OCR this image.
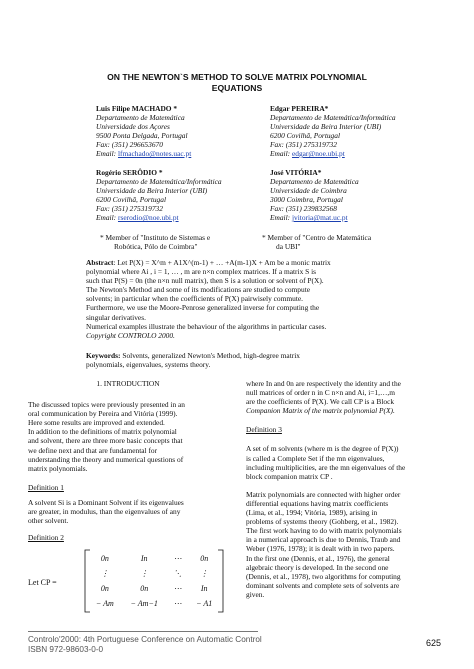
ON THE NEWTON`S METHOD TO SOLVE MATRIX POLYNOMIAL
EQUATIONS
Luis Filipe MACHADO *
Departamento de Matemática
Universidade dos Açores
9500 Ponta Delgada, Portugal
Fax: (351) 296653670
Email: lfmachado@notes.uac.pt
Edgar PEREIRA*
Departamento de Matemática/Informática
Universidade da Beira Interior (UBI)
6200 Covilhã, Portugal
Fax: (351) 275319732
Email: edgar@noe.ubi.pt
Rogério SERÔDIO *
Departamento de Matemática/Informática
Universidade da Beira Interior (UBI)
6200 Covilhã, Portugal
Fax: (351) 275319732
Email: rserodio@noe.ubi.pt
José VITÓRIA*
Departamento de Matemática
Universidade de Coimbra
3000 Coimbra, Portugal
Fax: (351) 239832568
Email: jvitoria@mat.uc.pt
* Member of "Instituto de Sistemas e
Robótica, Pólo de Coimbra"
* Member of "Centro de Matemática
da UBI"
Abstract: Let P(X) = X^m + A1X^(m-1) + … +A(m-1)X + Am be a monic matrix
polynomial where Ai , i = 1, … , m are n×n complex matrices. If a matrix S is
such that P(S) = 0n (the n×n null matrix), then S is a solution or solvent of P(X).
The Newton's Method and some of its modifications are studied to compute
solvents; in particular when the coefficients of P(X) pairwisely commute.
Furthermore, we use the Moore-Penrose generalized inverse for computing the
singular derivatives.
Numerical examples illustrate the behaviour of the algorithms in particular cases.
Copyright CONTROLO 2000.
Keywords: Solvents, generalized Newton's Method, high-degree matrix
polynomials, eigenvalues, systems theory.
1. INTRODUCTION
The discussed topics were previously presented in an
oral communication by Pereira and Vitória (1999).
Here some results are improved and extended.
In addition to the definitions of matrix polynomial
and solvent, there are three more basic concepts that
we define next and that are fundamental for
understanding the theory and numerical questions of
matrix polynomials.
Definition 1
A solvent Si is a Dominant Solvent if its eigenvalues
are greater, in modulus, than the eigenvalues of any
other solvent.
Definition 2
Let CP =
0n	In	⋯	0n
⋮	⋮	⋱	⋮
0n	0n	⋯	In
− Am	− Am−1	⋯	− A1
where In and 0n are respectively the identity and the
null matrices of order n in C n×n and Ai, i=1,…,m
are the coefficients of P(X). We call CP is a Block
Companion Matrix of the matrix polynomial P(X).
Definition 3
A set of m solvents (where m is the degree of P(X))
is called a Complete Set if the mn eigenvalues,
including multiplicities, are the mn eigenvalues of the
block companion matrix CP .
Matrix polynomials are connected with higher order
differential equations having matrix coefficients
(Lima, et al., 1994; Vitória, 1989), arising in
problems of systems theory (Gohberg, et al., 1982).
The first work having to do with matrix polynomials
in a numerical approach is due to Dennis, Traub and
Weber (1976, 1978); it is dealt with in two papers.
In the first one (Dennis, et al., 1976), the general
algebraic theory is developed. In the second one
(Dennis, et al., 1978), two algorithms for computing
dominant solvents and complete sets of solvents are
given.
Controlo'2000: 4th Portuguese Conference on Automatic Control
ISBN 972-98603-0-0
625
